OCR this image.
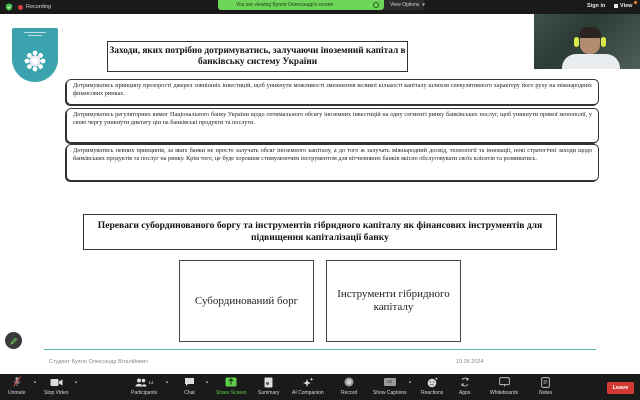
Recording	You are viewing Буяло Олександр's screen	View Options ▾	Sign in	View
▬▬▬▬▬▬▬▬▬
▬▬▬▬▬▬
Заходи, яких потрібно дотримуватись, залучаючи іноземний капітал в банківську систему України
Дотримуватись принципу прозорості джерел зовнішніх інвестицій, щоб уникнути можливості зменшення великої кількості капіталу шляхом спекулятивного характеру його руху на міжнародних фінансових ринках.
Дотримуватись регуляторних вимог Національного банку України щодо оптимального обсягу іноземних інвестицій на одну сегменті ринку банківських послуг, щоб уникнути прямої монополії, у свою чергу уникнути диктату ціи на банківські продукти та послуги.
Дотримуватись певних принципів, за яких банки не просто залучать обсяг іноземного капіталу, а до того ж залучать міжнародний досвід, технології та інновації, нові стратегічні заходи щодо банківських продуктів та послуг на ринку. Крім того, це буде хорошим стимулюючим інструментом для вітчизняних банків якісно обслуговувати своїх клієнтів та розвиватись.
Переваги субординованого боргу та інструментів гібридного капіталу як фінансових інструментів для підвищення капіталізації банку
Субординований борг
Інструменти гібридного капіталу
Студент Буяло Олександр Віталійович	19.06.2024
Unmute
▲
Stop Video
▲	14
Participants
▲
Chat
▲
Share Screen Summary	AI Companion	Record
CC
Show Captions
▲
Reactions	Apps	Whiteboards	Notes
Leave
